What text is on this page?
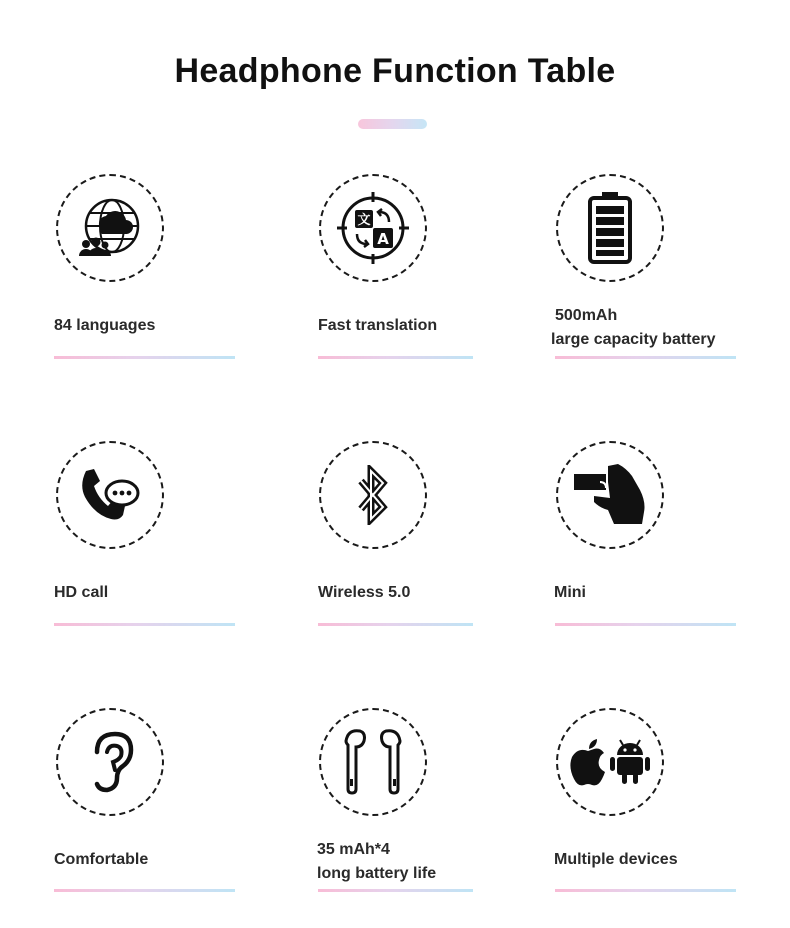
Headphone Function Table
84 languages
文
A
Fast translation
500mAh
large capacity battery
HD call	Wireless 5.0	Mini
Comfortable
35 mAh*4
long battery life
Multiple devices
